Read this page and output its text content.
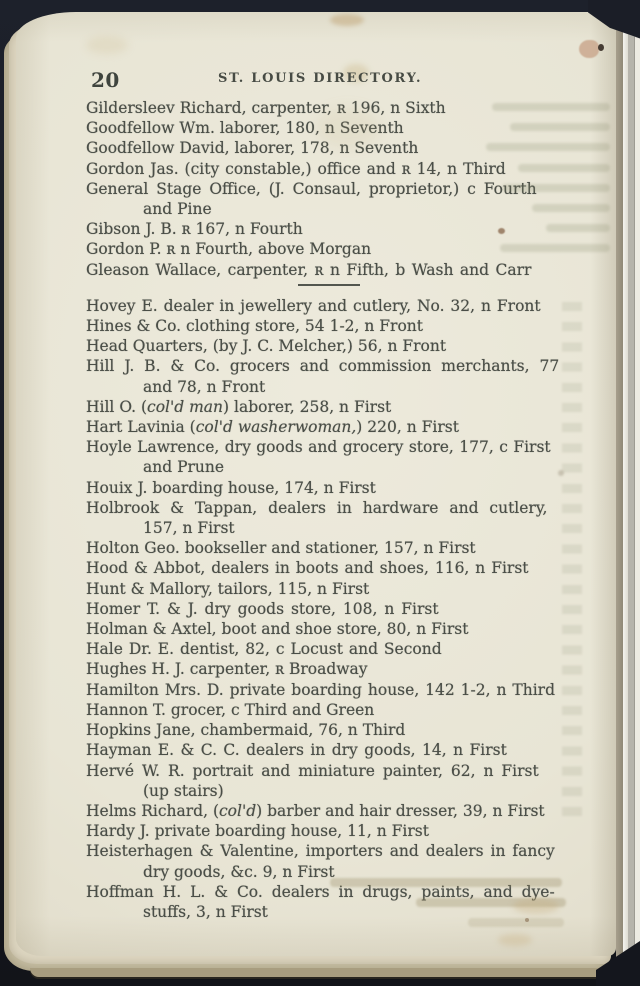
20	ST. LOUIS DIRECTORY.
Gildersleev Richard, carpenter, ʀ 196, n Sixth
Goodfellow Wm. laborer, 180, n Seventh
Goodfellow David, laborer, 178, n Seventh
Gordon Jas. (city constable,) office and ʀ 14, n Third
General Stage Office, (J. Consaul, proprietor,) c Fourth
and Pine
Gibson J. B. ʀ 167, n Fourth
Gordon P. ʀ n Fourth, above Morgan
Gleason Wallace, carpenter, ʀ n Fifth, b Wash and Carr
Hovey E. dealer in jewellery and cutlery, No. 32, n Front
Hines & Co. clothing store, 54 1-2, n Front
Head Quarters, (by J. C. Melcher,) 56, n Front
Hill J. B. & Co. grocers and commission merchants, 77
and 78, n Front
Hill O. (col'd man) laborer, 258, n First
Hart Lavinia (col'd washerwoman,) 220, n First
Hoyle Lawrence, dry goods and grocery store, 177, c First
and Prune
Houix J. boarding house, 174, n First
Holbrook & Tappan, dealers in hardware and cutlery,
157, n First
Holton Geo. bookseller and stationer, 157, n First
Hood & Abbot, dealers in boots and shoes, 116, n First
Hunt & Mallory, tailors, 115, n First
Homer T. & J. dry goods store, 108, n First
Holman & Axtel, boot and shoe store, 80, n First
Hale Dr. E. dentist, 82, c Locust and Second
Hughes H. J. carpenter, ʀ Broadway
Hamilton Mrs. D. private boarding house, 142 1-2, n Third
Hannon T. grocer, c Third and Green
Hopkins Jane, chambermaid, 76, n Third
Hayman E. & C. C. dealers in dry goods, 14, n First
Hervé W. R. portrait and miniature painter, 62, n First
(up stairs)
Helms Richard, (col'd) barber and hair dresser, 39, n First
Hardy J. private boarding house, 11, n First
Heisterhagen & Valentine, importers and dealers in fancy
dry goods, &c. 9, n First
Hoffman H. L. & Co. dealers in drugs, paints, and dye-
stuffs, 3, n First
